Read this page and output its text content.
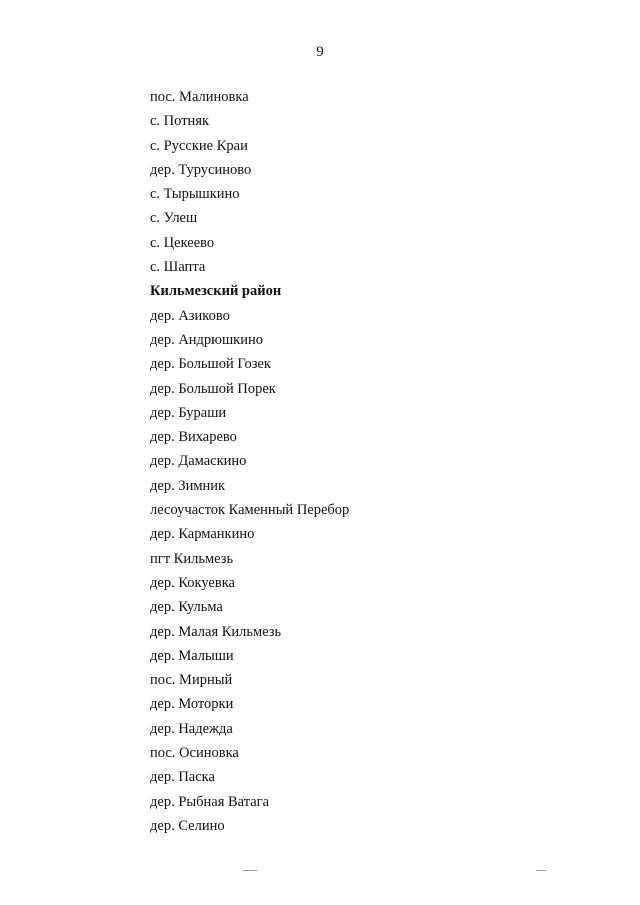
9
пос. Малиновка
с. Потняк
с. Русские Краи
дер. Турусиново
с. Тырышкино
с. Улеш
с. Цекеево
с. Шапта
Кильмезский район
дер. Азиково
дер. Андрюшкино
дер. Большой Гозек
дер. Большой Порек
дер. Бураши
дер. Вихарево
дер. Дамаскино
дер. Зимник
лесоучасток Каменный Перебор
дер. Карманкино
пгт Кильмезь
дер. Кокуевка
дер. Кульма
дер. Малая Кильмезь
дер. Малыши
пос. Мирный
дер. Моторки
дер. Надежда
пос. Осиновка
дер. Паска
дер. Рыбная Ватага
дер. Селино
